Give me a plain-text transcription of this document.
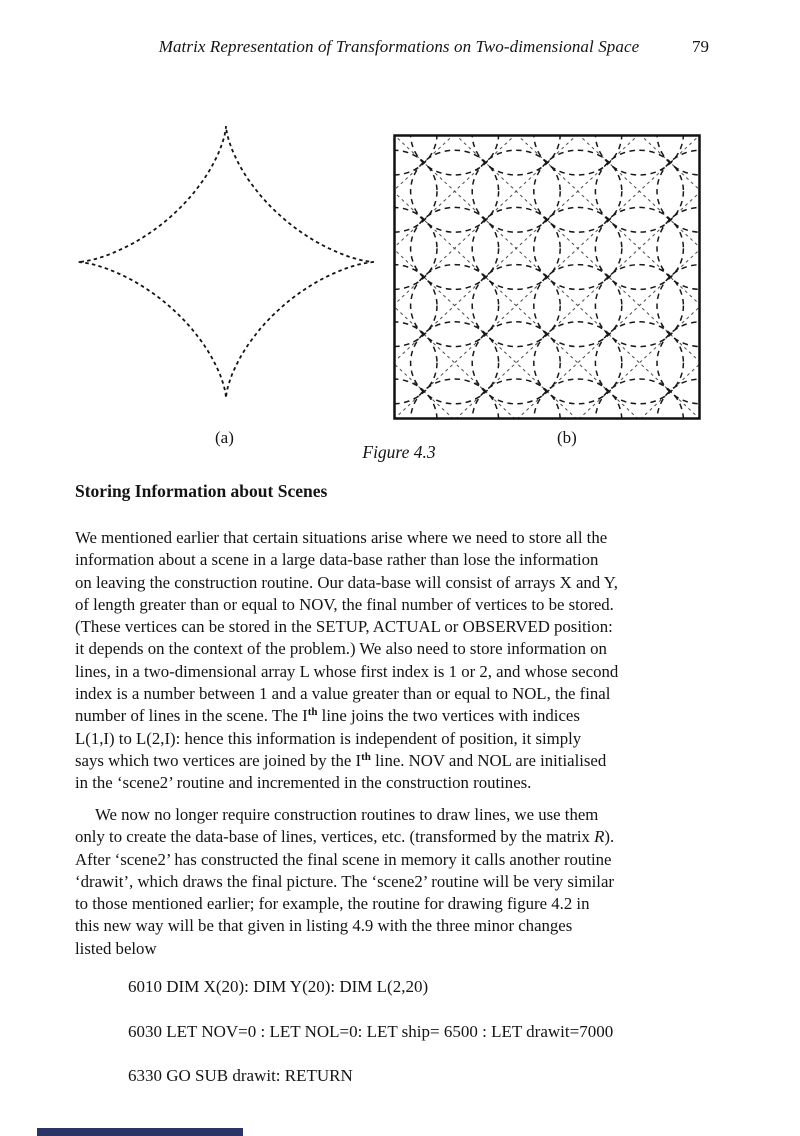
Matrix Representation of Transformations on Two-dimensional Space	79
(a)	(b)
Figure 4.3
Storing Information about Scenes
We mentioned earlier that certain situations arise where we need to store all the
information about a scene in a large data-base rather than lose the information
on leaving the construction routine. Our data-base will consist of arrays X and Y,
of length greater than or equal to NOV, the final number of vertices to be stored.
(These vertices can be stored in the SETUP, ACTUAL or OBSERVED position:
it depends on the context of the problem.) We also need to store information on
lines, in a two-dimensional array L whose first index is 1 or 2, and whose second
index is a number between 1 and a value greater than or equal to NOL, the final
number of lines in the scene. The Ith line joins the two vertices with indices
L(1,I) to L(2,I): hence this information is independent of position, it simply
says which two vertices are joined by the Ith line. NOV and NOL are initialised
in the ‘scene2’ routine and incremented in the construction routines.
We now no longer require construction routines to draw lines, we use them
only to create the data-base of lines, vertices, etc. (transformed by the matrix R).
After ‘scene2’ has constructed the final scene in memory it calls another routine
‘drawit’, which draws the final picture. The ‘scene2’ routine will be very similar
to those mentioned earlier; for example, the routine for drawing figure 4.2 in
this new way will be that given in listing 4.9 with the three minor changes
listed below
6010 DIM X(20): DIM Y(20): DIM L(2,20)
6030 LET NOV=0 : LET NOL=0: LET ship= 6500 : LET drawit=7000
6330 GO SUB drawit: RETURN
